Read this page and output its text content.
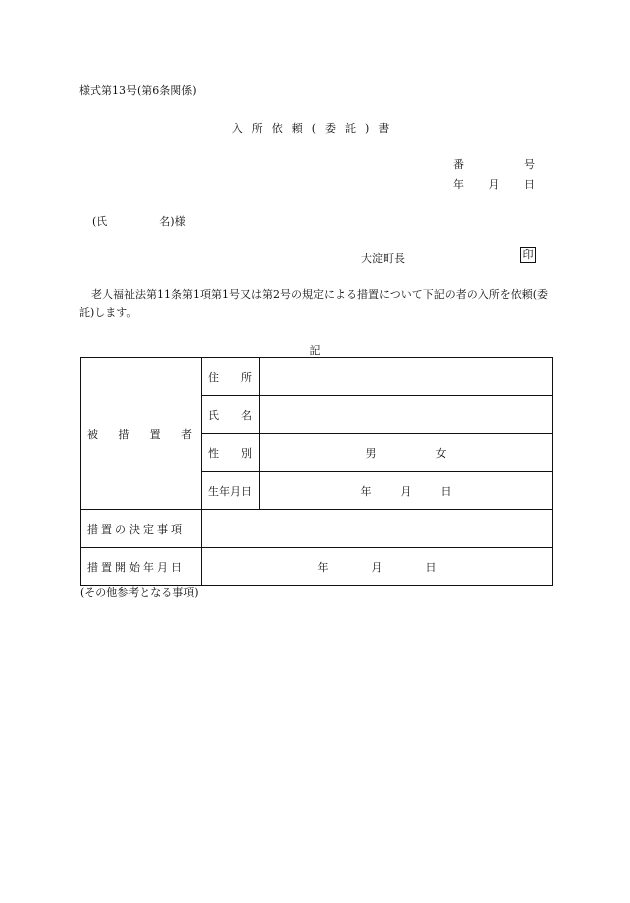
様式第13号(第6条関係)
入所依頼(委託)書
番	号
年 月 日
(氏	名)様
大淀町長	印
老人福祉法第11条第1項第1号又は第2号の規定による措置について下記の者の入所を依頼(委託)します。
記
被 措 置 者	住 所	

	氏 名	

	性 別	男 女
	生年月日	年 月 日
措置の決定事項		
措置開始年月日	年 月 日	
(その他参考となる事項)
